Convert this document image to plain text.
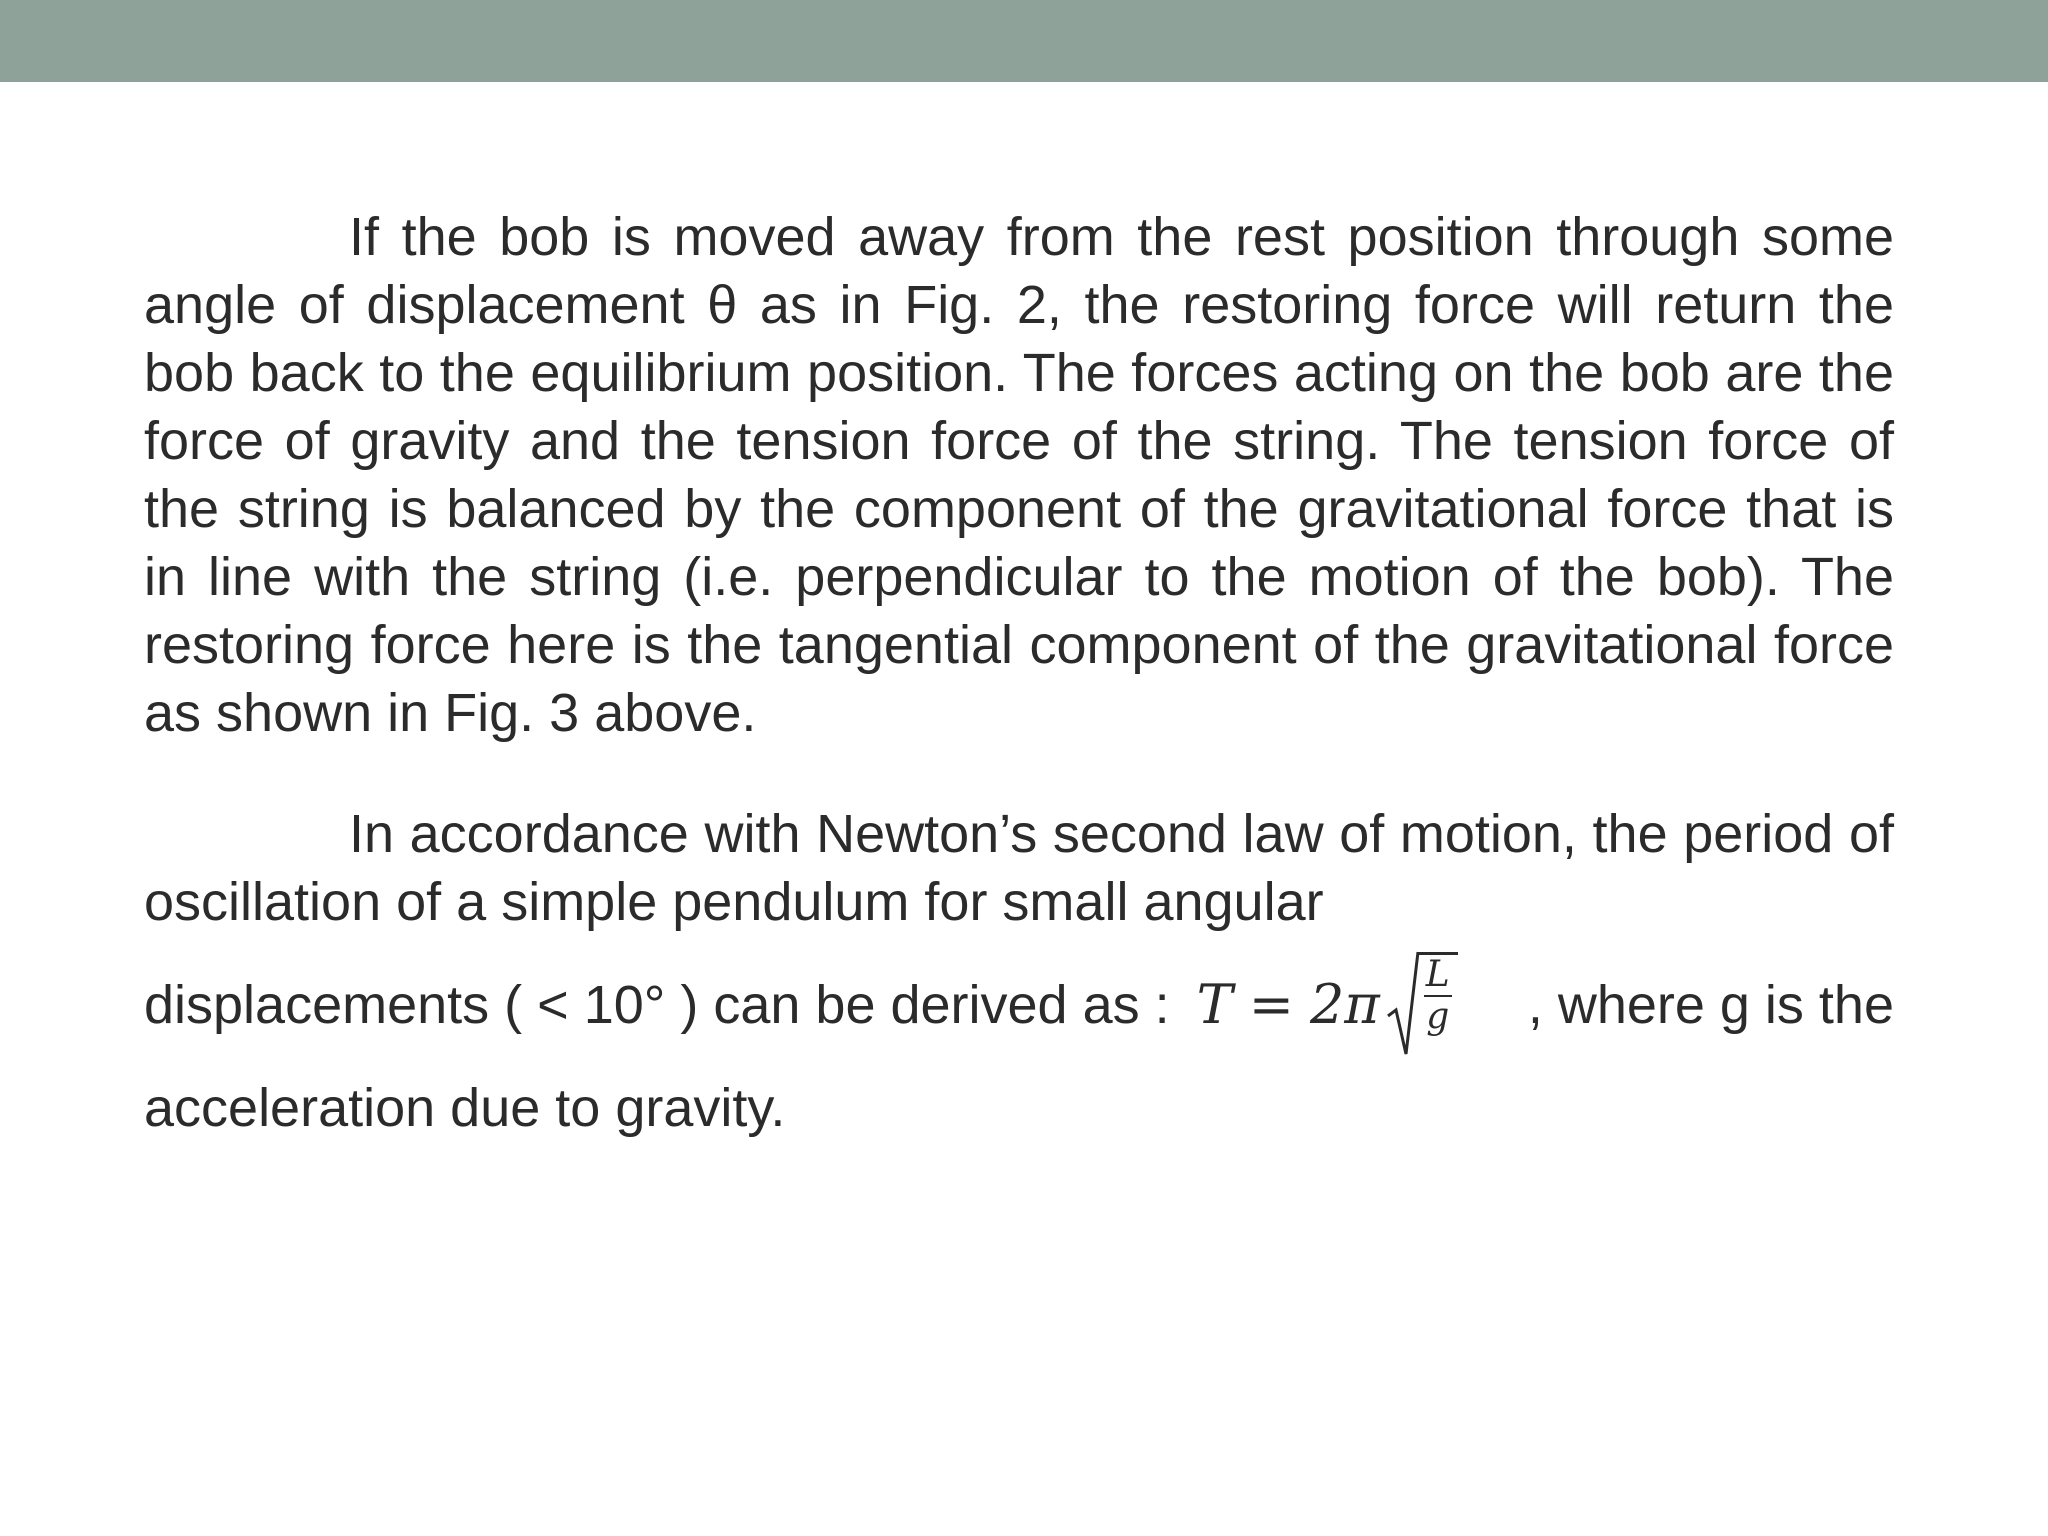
If the bob is moved away from the rest position through some angle of displacement θ as in Fig. 2, the restoring force will return the bob back to the equilibrium position. The forces acting on the bob are the force of gravity and the tension force of the string. The tension force of the string is balanced by the component of the gravitational force that is in line with the string (i.e. perpendicular to the motion of the bob). The restoring force here is the tangential component of the gravitational force as shown in Fig. 3 above.
In accordance with Newton’s second law of motion, the period of oscillation of a simple pendulum for small angular
displacements ( < 10° ) can be derived as : $T = 2\pi \frac{L}{g}$ , where g is the
acceleration due to gravity.
